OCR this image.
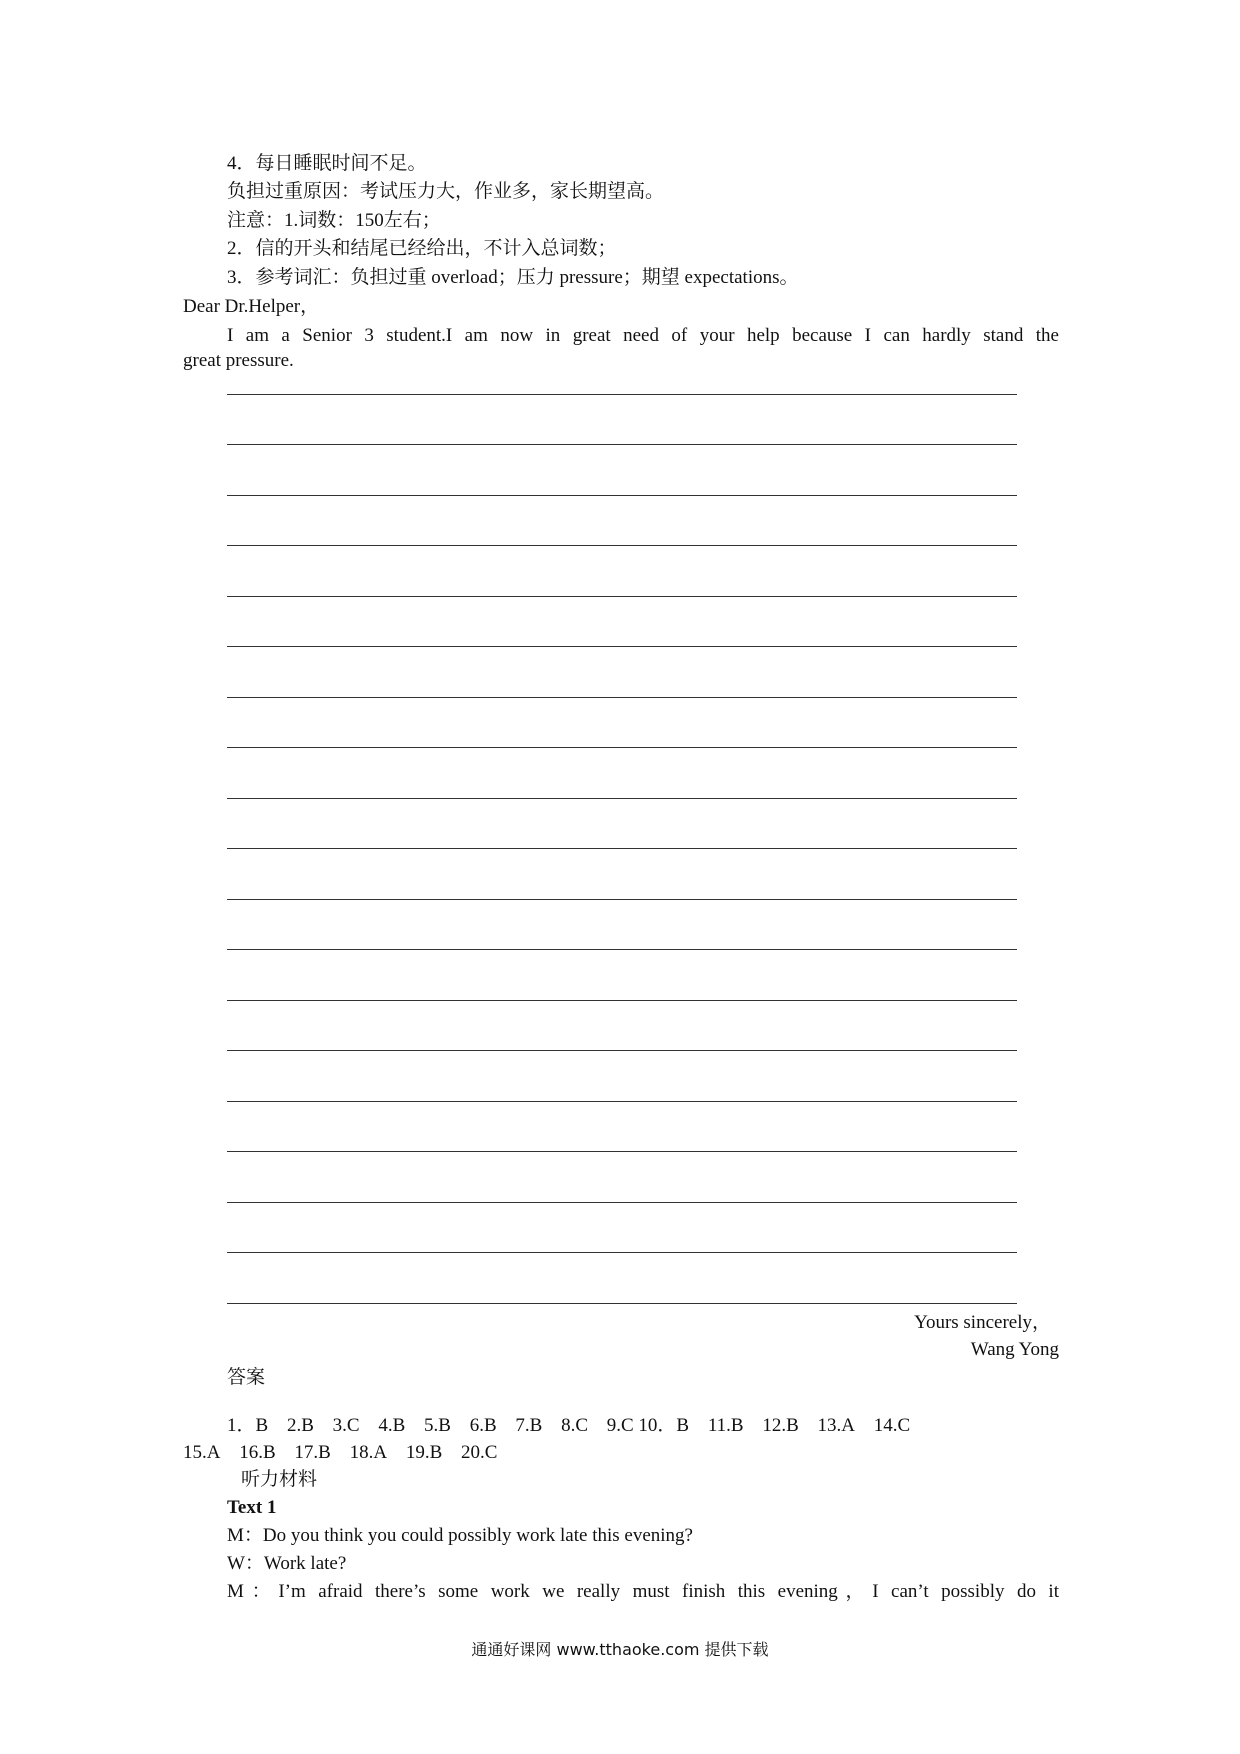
4．每日睡眠时间不足。
负担过重原因：考试压力大，作业多，家长期望高。
注意：1.词数：150左右；
2．信的开头和结尾已经给出，不计入总词数；
3．参考词汇：负担过重 overload；压力 pressure；期望 expectations。
Dear Dr.Helper，
I am a Senior 3 student.I am now in great need of your help because I can hardly stand the
great pressure.
Yours sincerely，
Wang Yong
答案
1．B 2.B 3.C 4.B 5.B 6.B 7.B 8.C 9.C 10．B 11.B 12.B 13.A 14.C
15.A 16.B 17.B 18.A 19.B 20.C
听力材料
Text 1
M：Do you think you could possibly work late this evening?
W：Work late?
M：I’m afraid there’s some work we really must finish this evening，I can’t possibly do it
通通好课网 www.tthaoke.com 提供下载
